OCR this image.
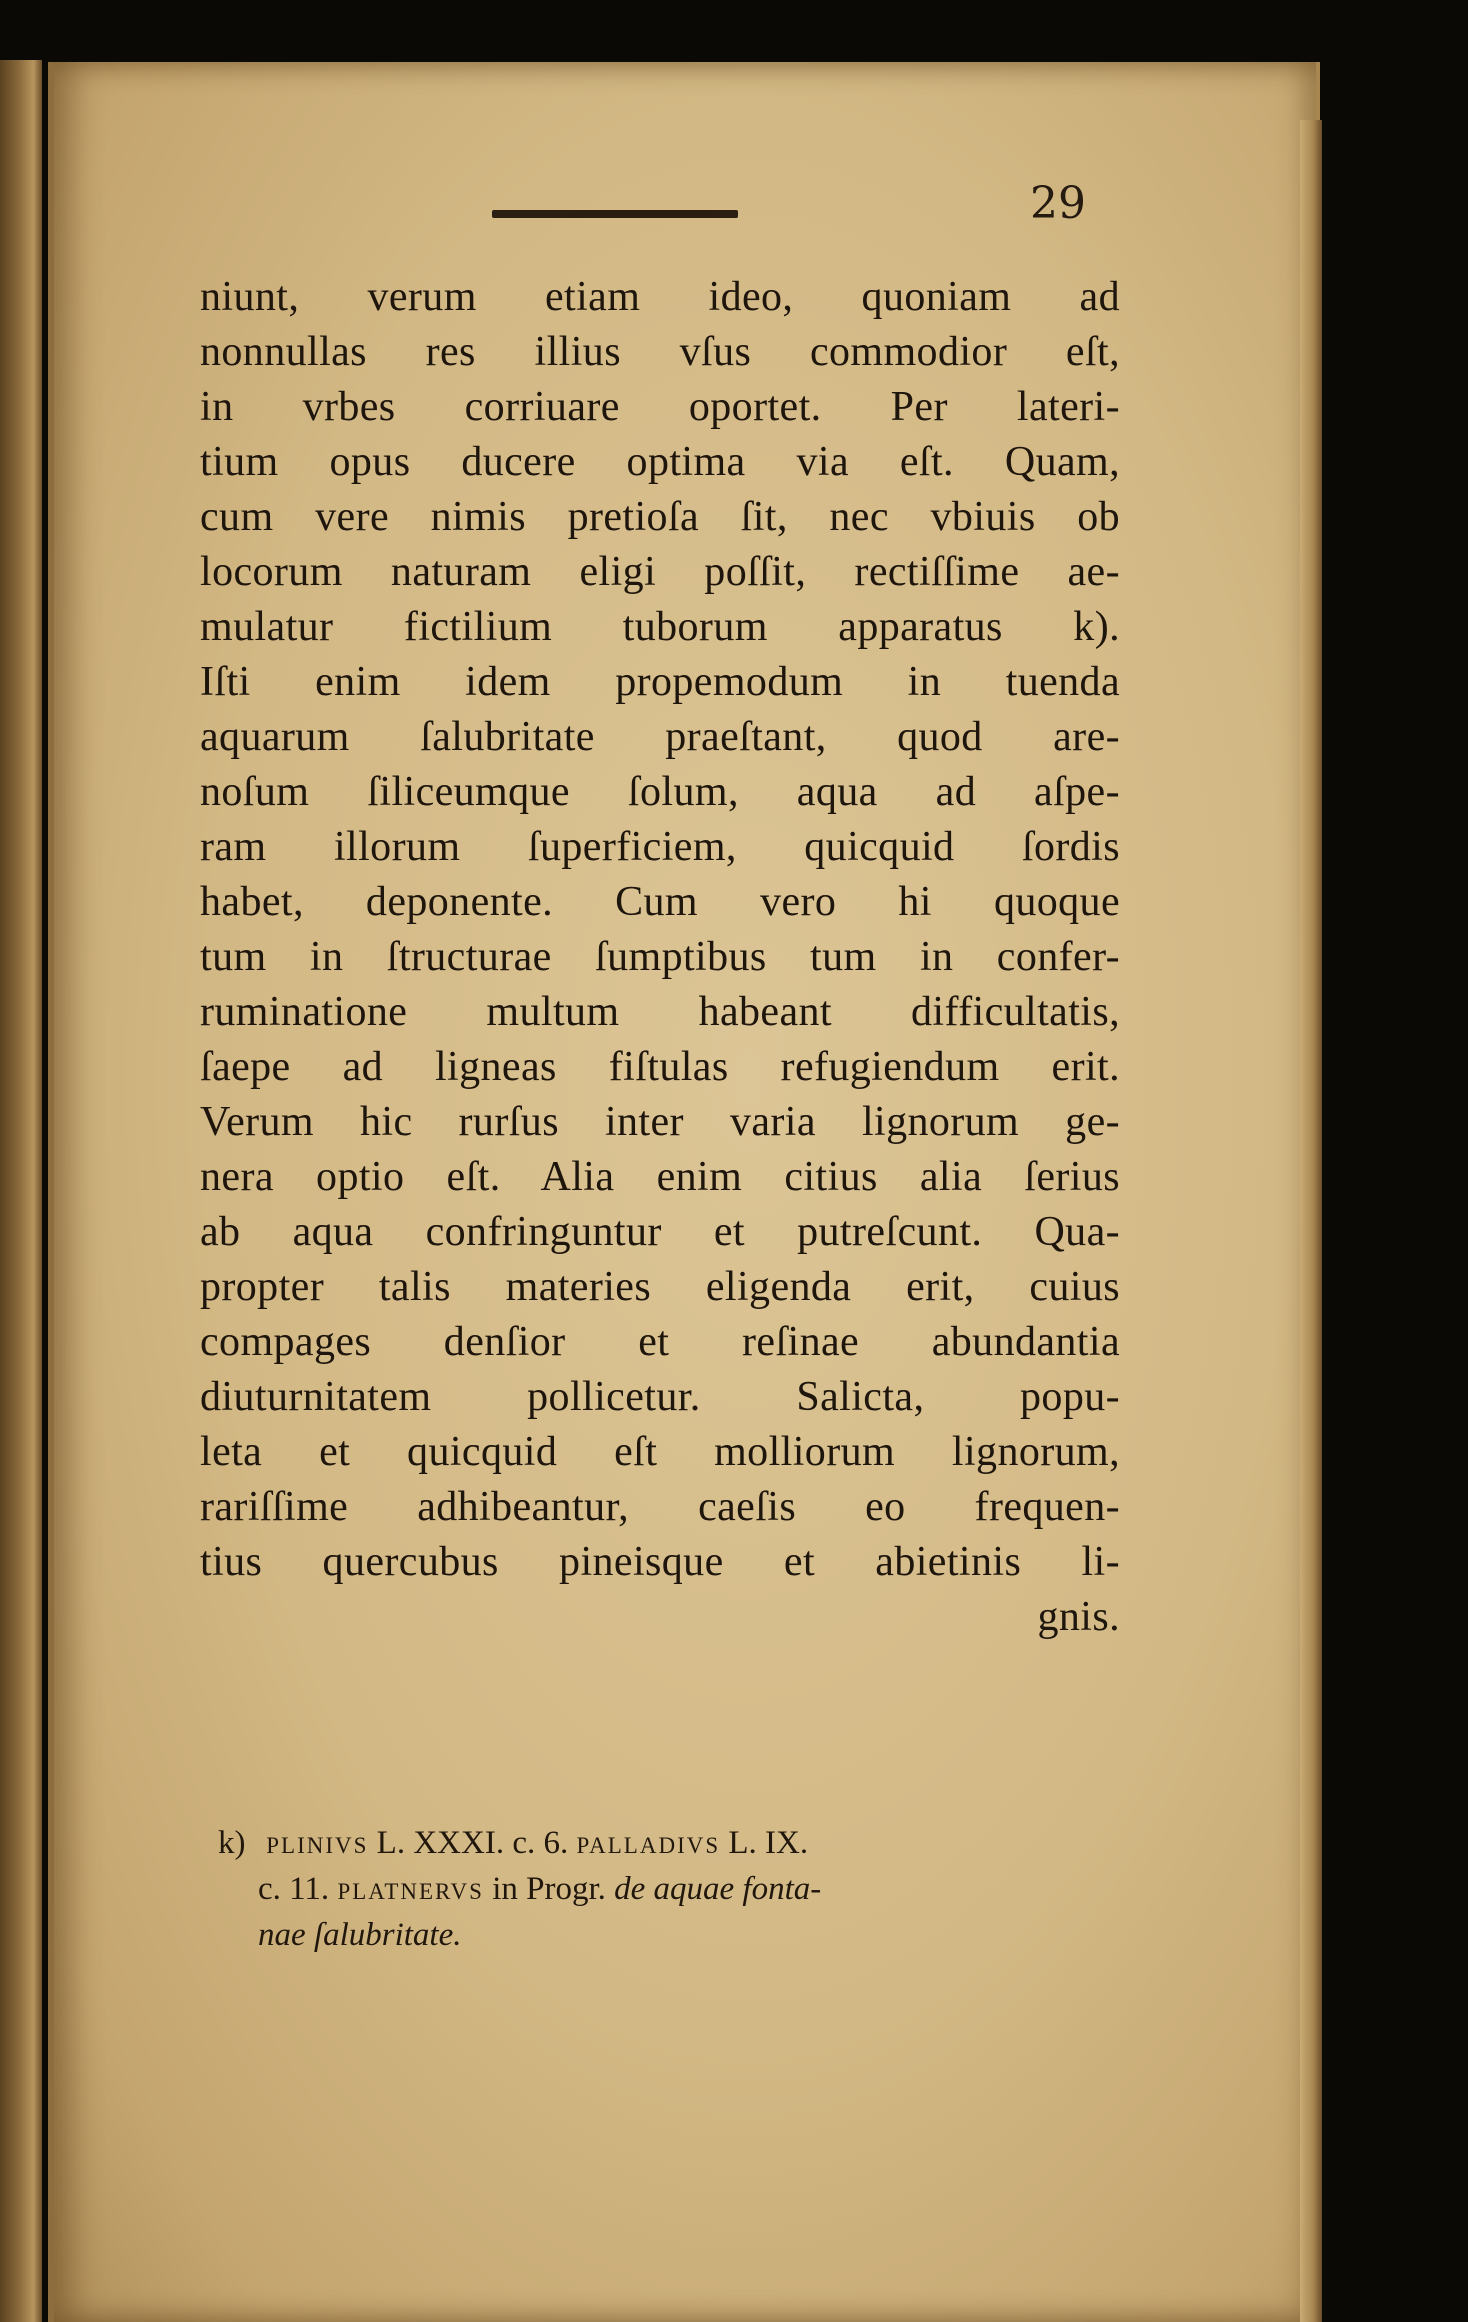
29
niunt, verum etiam ideo, quoniam ad
nonnullas res illius vſus commodior eſt,
in vrbes corriuare oportet. Per lateri-
tium opus ducere optima via eſt. Quam,
cum vere nimis pretioſa ſit, nec vbiuis ob
locorum naturam eligi poſſit, rectiſſime ae-
mulatur fictilium tuborum apparatus k).
Iſti enim idem propemodum in tuenda
aquarum ſalubritate praeſtant, quod are-
noſum ſiliceumque ſolum, aqua ad aſpe-
ram illorum ſuperficiem, quicquid ſordis
habet, deponente. Cum vero hi quoque
tum in ſtructurae ſumptibus tum in confer-
ruminatione multum habeant difficultatis,
ſaepe ad ligneas fiſtulas refugiendum erit.
Verum hic rurſus inter varia lignorum ge-
nera optio eſt. Alia enim citius alia ſerius
ab aqua confringuntur et putreſcunt. Qua-
propter talis materies eligenda erit, cuius
compages denſior et reſinae abundantia
diuturnitatem pollicetur. Salicta, popu-
leta et quicquid eſt molliorum lignorum,
rariſſime adhibeantur, caeſis eo frequen-
tius quercubus pineisque et abietinis li-
gnis.
k) plinivs L. XXXI. c. 6. palladivs L. IX.
c. 11. platnervs in Progr. de aquae fonta-
nae ſalubritate.
